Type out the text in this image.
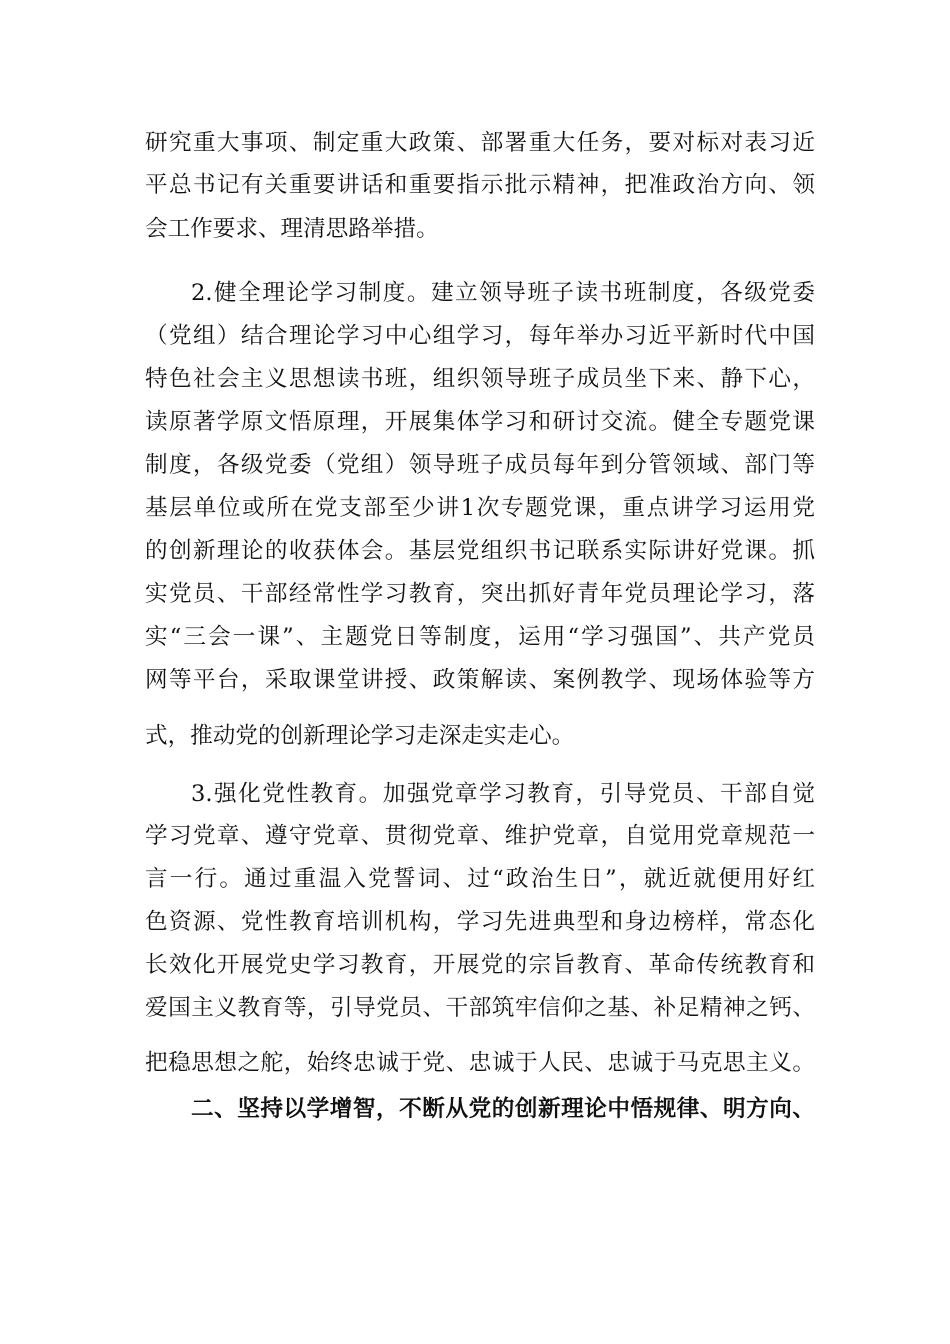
研究重大事项、制定重大政策、部署重大任务，要对标对表习近
平总书记有关重要讲话和重要指示批示精神，把准政治方向、领
会工作要求、理清思路举措。
2.健全理论学习制度。建立领导班子读书班制度，各级党委
（党组）结合理论学习中心组学习，每年举办习近平新时代中国
特色社会主义思想读书班，组织领导班子成员坐下来、静下心，
读原著学原文悟原理，开展集体学习和研讨交流。健全专题党课
制度，各级党委（党组）领导班子成员每年到分管领域、部门等
基层单位或所在党支部至少讲1次专题党课，重点讲学习运用党
的创新理论的收获体会。基层党组织书记联系实际讲好党课。抓
实党员、干部经常性学习教育，突出抓好青年党员理论学习，落
实“三会一课”、主题党日等制度，运用“学习强国”、共产党员
网等平台，采取课堂讲授、政策解读、案例教学、现场体验等方
式，推动党的创新理论学习走深走实走心。
3.强化党性教育。加强党章学习教育，引导党员、干部自觉
学习党章、遵守党章、贯彻党章、维护党章，自觉用党章规范一
言一行。通过重温入党誓词、过“政治生日”，就近就便用好红
色资源、党性教育培训机构，学习先进典型和身边榜样，常态化
长效化开展党史学习教育，开展党的宗旨教育、革命传统教育和
爱国主义教育等，引导党员、干部筑牢信仰之基、补足精神之钙、
把稳思想之舵，始终忠诚于党、忠诚于人民、忠诚于马克思主义。
二、坚持以学增智，不断从党的创新理论中悟规律、明方向、
